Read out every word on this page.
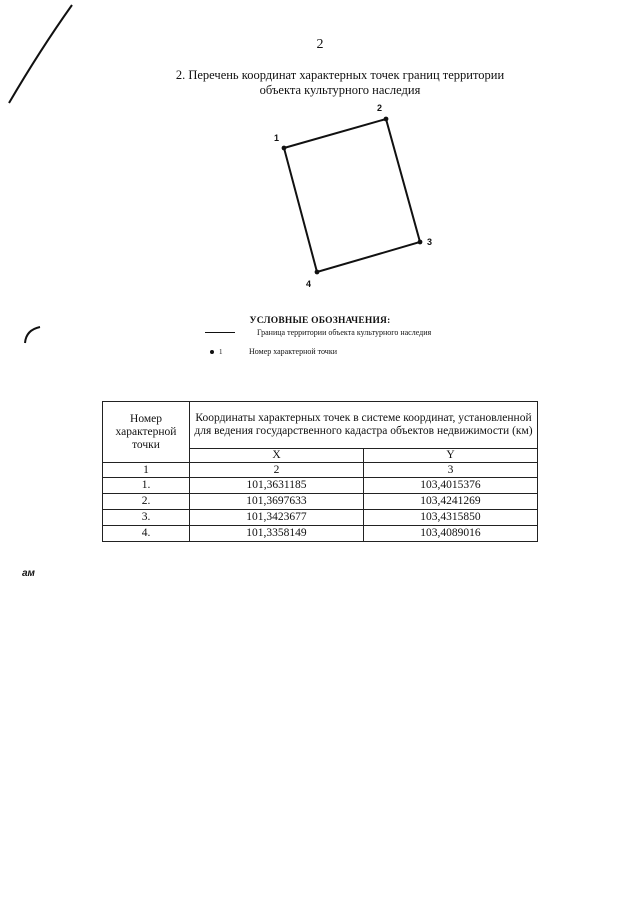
2
2. Перечень координат характерных точек границ территории
объекта культурного наследия
1
2
3
4
УСЛОВНЫЕ ОБОЗНАЧЕНИЯ:
Граница территории объекта культурного наследия
1	Номер характерной точки
Номер характерной точки	Координаты характерных точек в системе координат, установленной для ведения государственного кадастра объектов недвижимости (км)	
	X	Y
1	2	3
1.	101,3631185	103,4015376
2.	101,3697633	103,4241269
3.	101,3423677	103,4315850
4.	101,3358149	103,4089016
ам
